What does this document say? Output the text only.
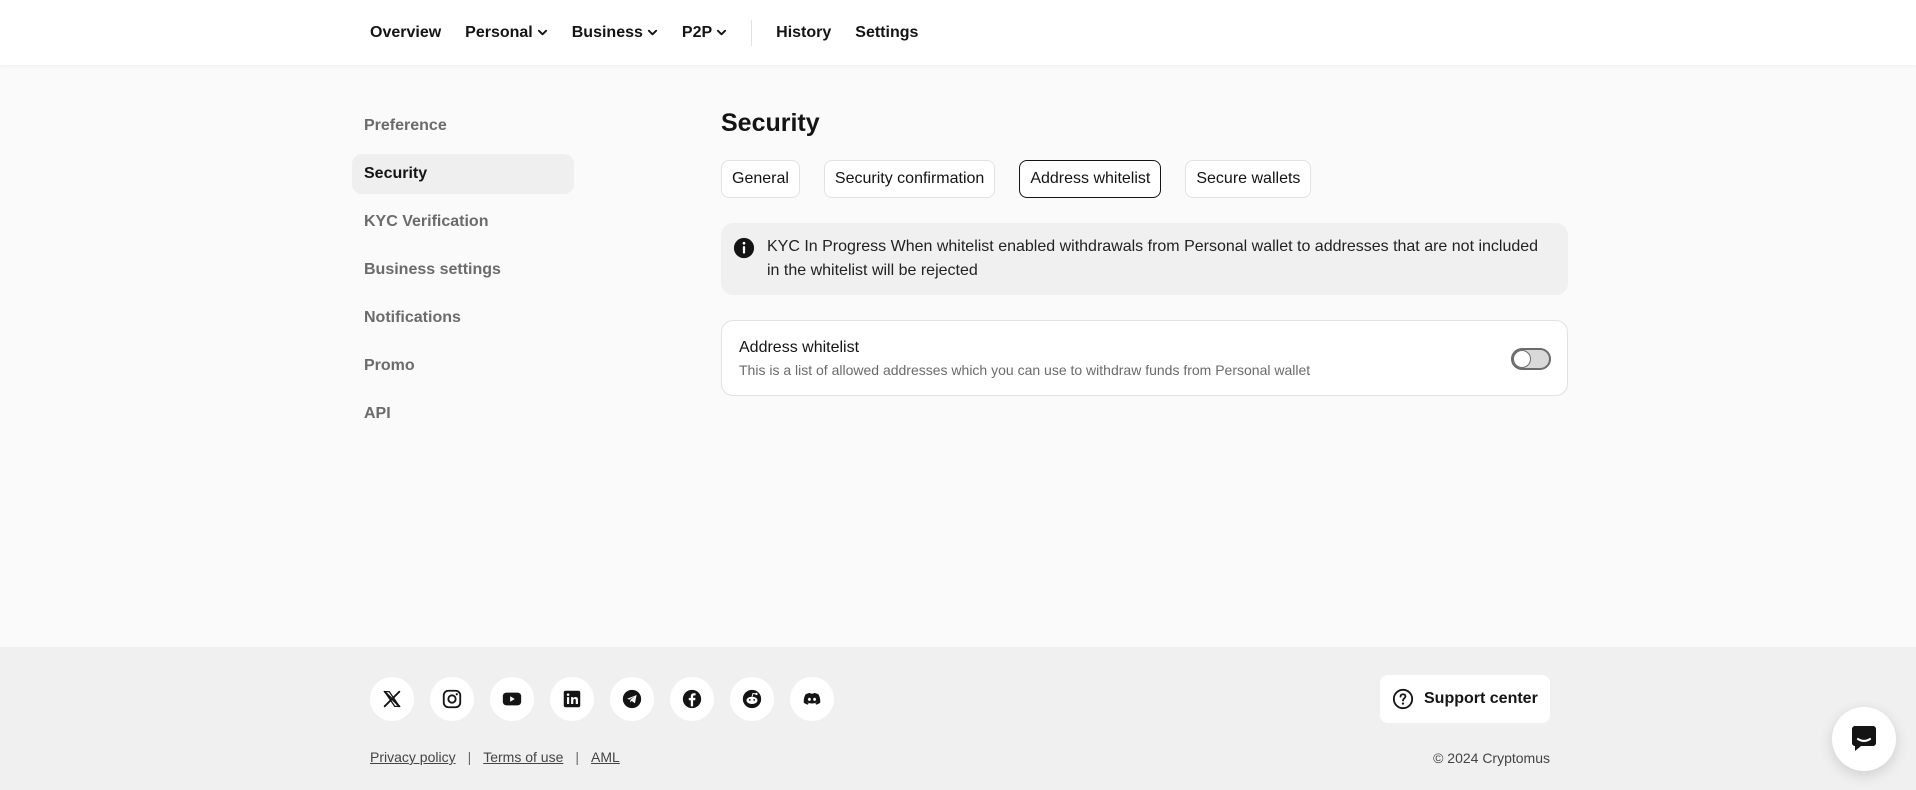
Overview Personal Business P2P	History Settings
Preference
Security
KYC Verification
Business settings
Notifications
Promo
API
Security
General	Security confirmation	Address whitelist	Secure wallets
KYC In Progress When whitelist enabled withdrawals from Personal wallet to addresses that are not included in the whitelist will be rejected
Address whitelist
This is a list of allowed addresses which you can use to withdraw funds from Personal wallet
Privacy policy | Terms of use | AML
Support center
© 2024 Cryptomus
